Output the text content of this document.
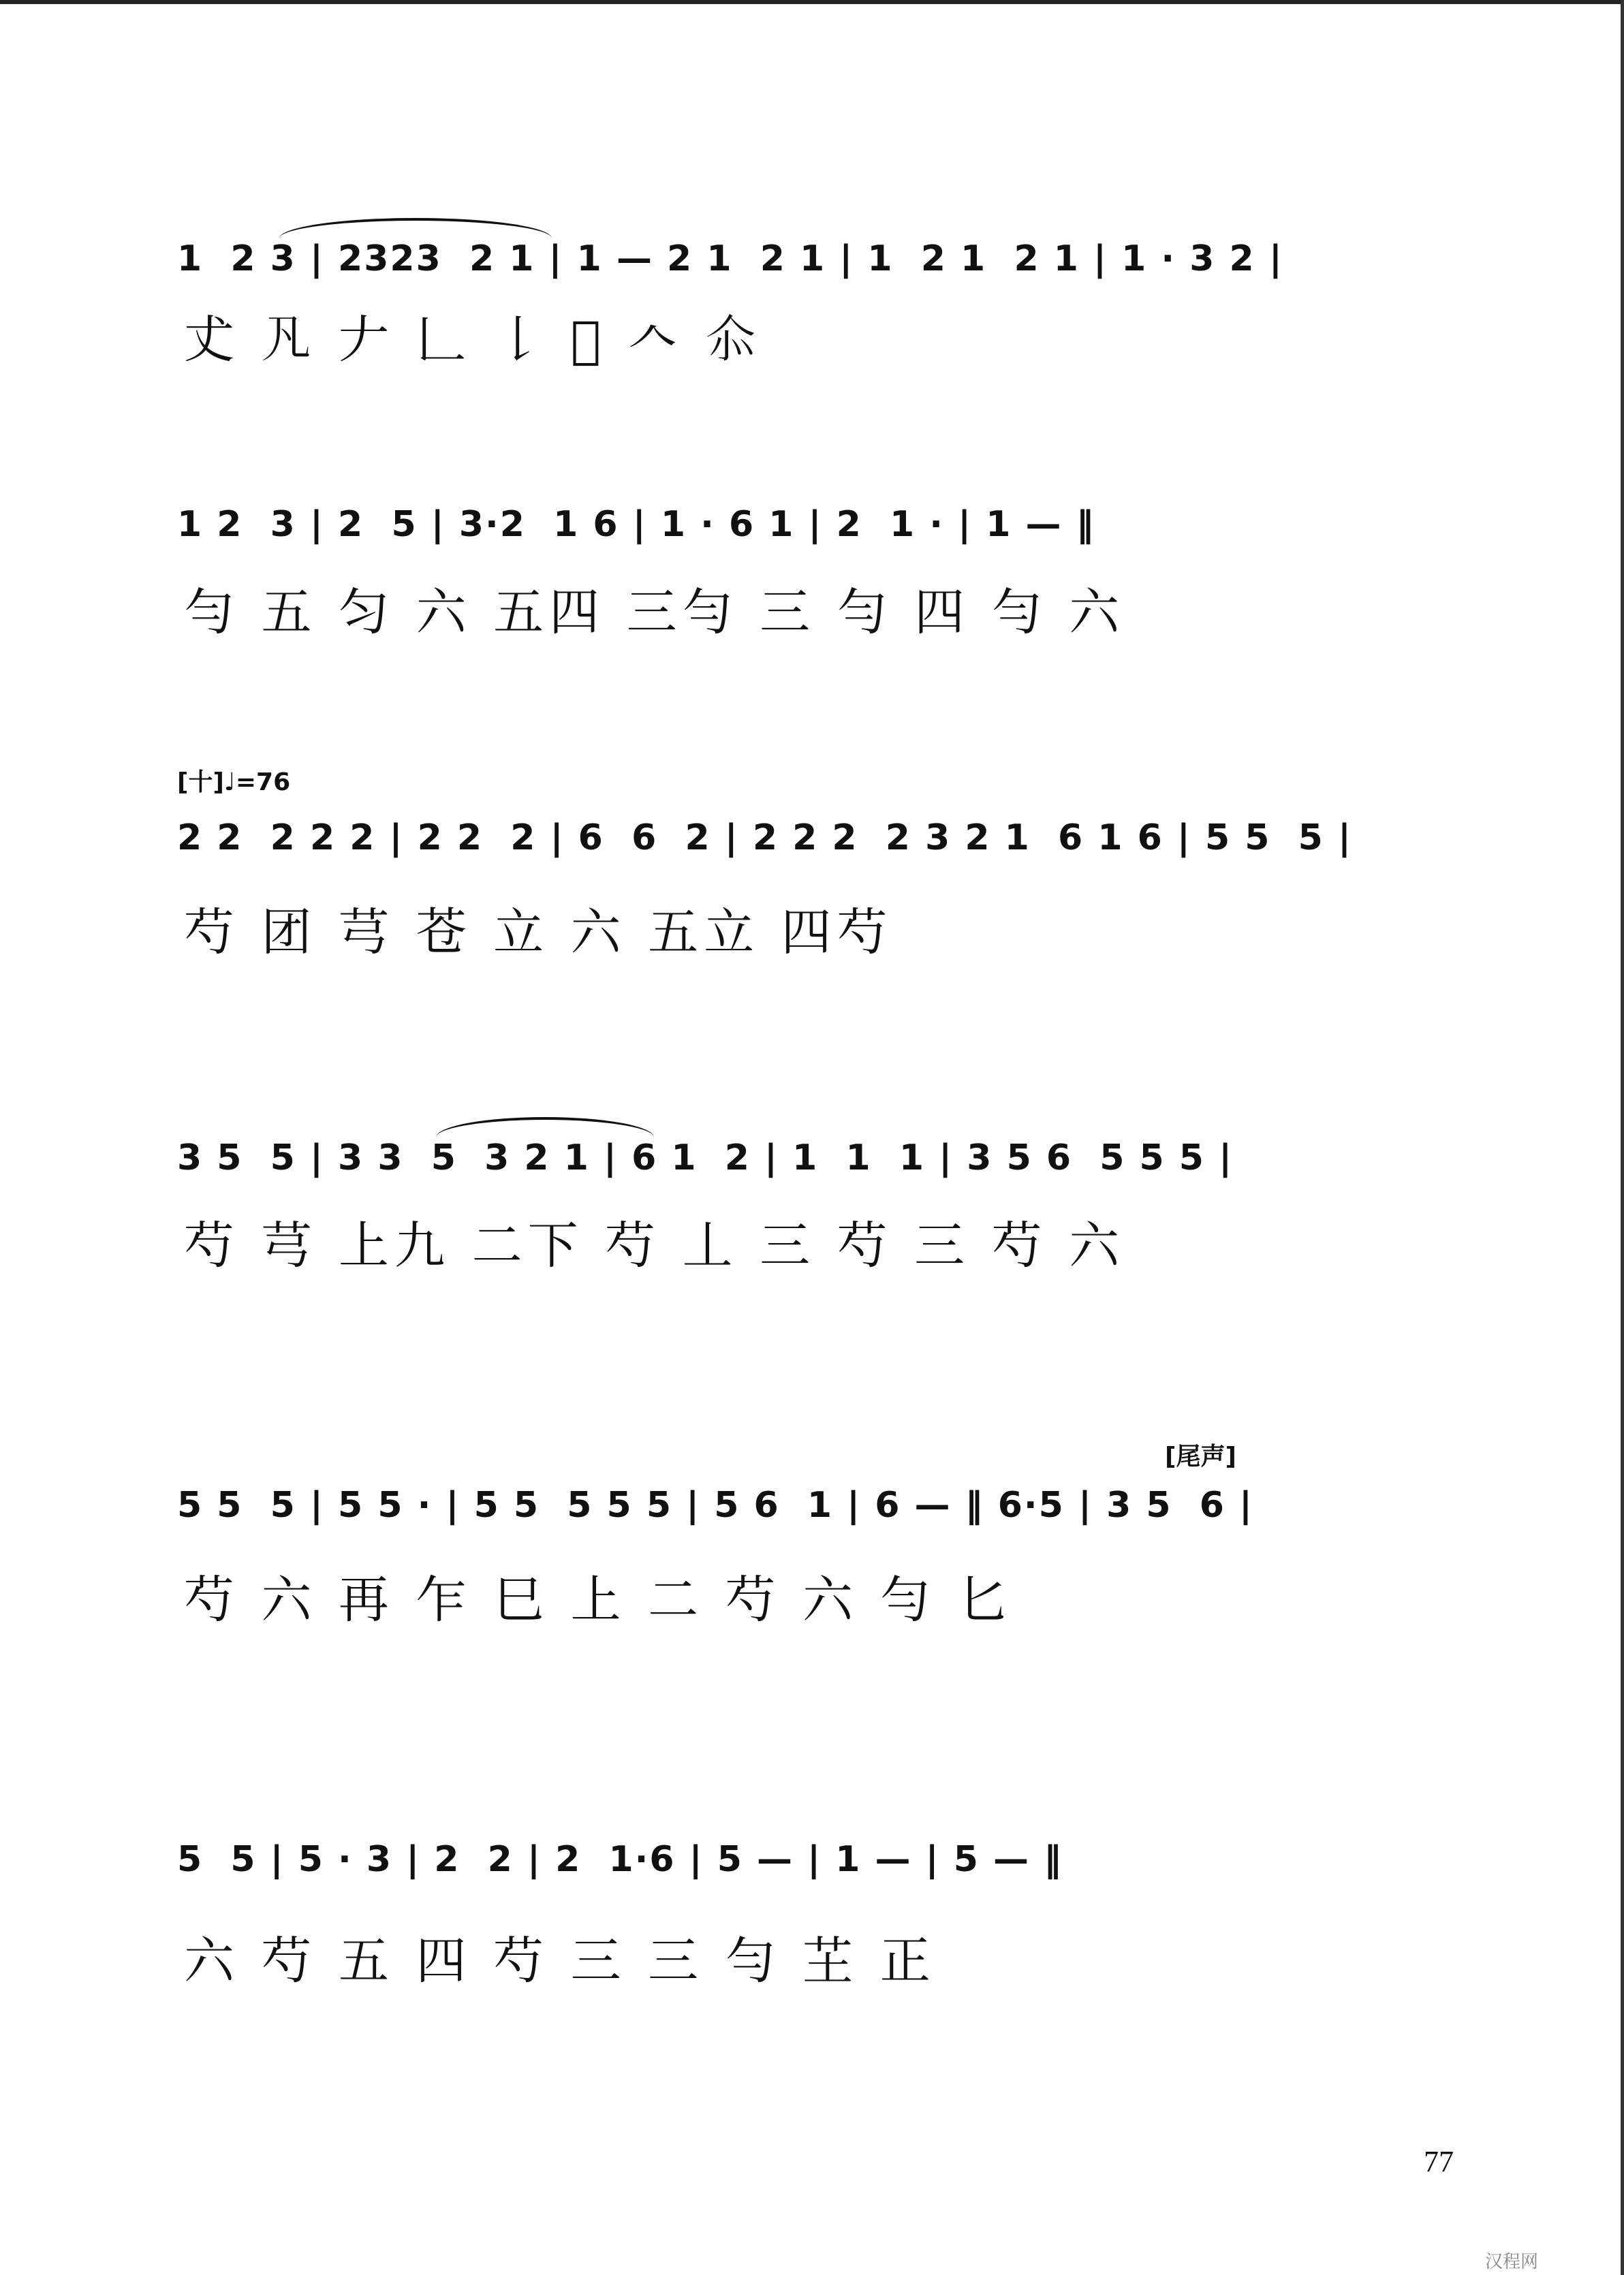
1  2 3 | 2323  2 1 | 1 — 2 1  2 1 | 1  2 1  2 1 | 1 · 3 2 |
𠀋 𠁽 𠂇 𠃊 𠄌 𠅁 𠆢 𠇍
1 2  3 | 2  5 | 3·2  1 6 | 1 · 6 1 | 2  1 · | 1 — ‖
勻 五 匀 六 五四 三勻 三 勻 四 勻 六
[十]♩=76
2 2  2 2 2 | 2 2  2 | 6  6  2 | 2 2 2  2 3 2 1  6 1 6 | 5 5  5 |
芍 团 芎 苍 立 六 五立 四芍
3 5  5 | 3 3  5  3 2 1 | 6 1  2 | 1  1  1 | 3 5 6  5 5 5 |
芍 芎 上九 二下 芍 丄 三 芍 三 芍 六
[尾声]
5 5  5 | 5 5 · | 5 5  5 5 5 | 5 6  1 | 6 — ‖ 6·5 | 3 5  6 |
芍 六 再 乍 巳 上 二 芍 六 勻 匕
5  5 | 5 · 3 | 2  2 | 2  1·6 | 5 — | 1 — | 5 — ‖
六 芍 五 四 芍 三 三 勻 芏 正
77
汉程网
